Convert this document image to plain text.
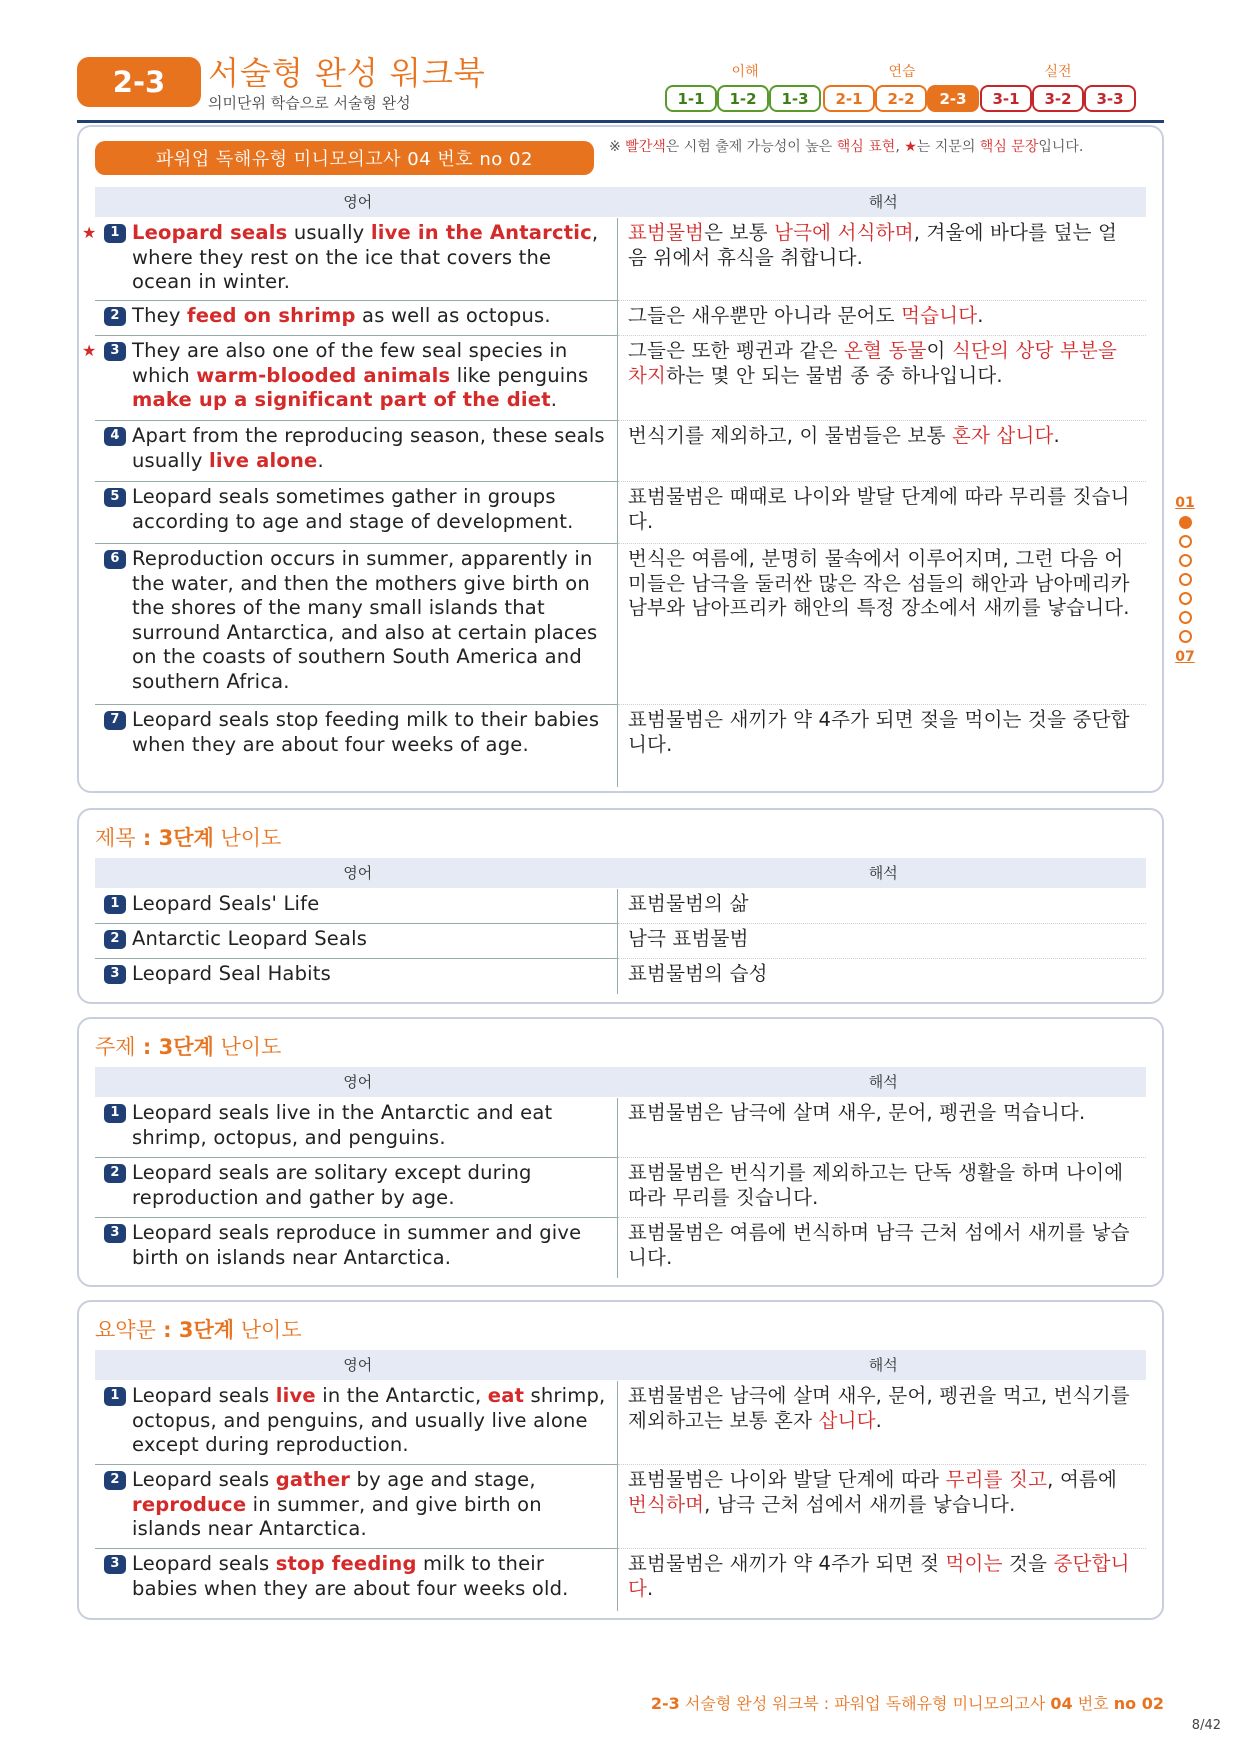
2-3	서술형 완성 워크북
의미단위 학습으로 서술형 완성
이해
1-1	1-2	1-3
연습
2-1	2-2	2-3
실전
3-1	3-2	3-3
파워업 독해유형 미니모의고사 04 번호 no 02
※ 빨간색은 시험 출제 가능성이 높은 핵심 표현, ★는 지문의 핵심 문장입니다.
영어	해석
★	1 Leopard seals usually live in the Antarctic, where they rest on the ice that covers the ocean in winter.
표범물범은 보통 남극에 서식하며, 겨울에 바다를 덮는 얼음 위에서 휴식을 취합니다.
2 They feed on shrimp as well as octopus.	그들은 새우뿐만 아니라 문어도 먹습니다.
★	3 They are also one of the few seal species in which warm-blooded animals like penguins make up a significant part of the diet.
그들은 또한 펭귄과 같은 온혈 동물이 식단의 상당 부분을 차지하는 몇 안 되는 물범 종 중 하나입니다.
4 Apart from the reproducing season, these seals usually live alone.
번식기를 제외하고, 이 물범들은 보통 혼자 삽니다.
5 Leopard seals sometimes gather in groups according to age and stage of development.
표범물범은 때때로 나이와 발달 단계에 따라 무리를 짓습니다.
6 Reproduction occurs in summer, apparently in the water, and then the mothers give birth on the shores of the many small islands that surround Antarctica, and also at certain places on the coasts of southern South America and southern Africa.
번식은 여름에, 분명히 물속에서 이루어지며, 그런 다음 어미들은 남극을 둘러싼 많은 작은 섬들의 해안과 남아메리카 남부와 남아프리카 해안의 특정 장소에서 새끼를 낳습니다.
7 Leopard seals stop feeding milk to their babies when they are about four weeks of age.
표범물범은 새끼가 약 4주가 되면 젖을 먹이는 것을 중단합니다.
제목 : 3단계 난이도
영어	해석
1 Leopard Seals' Life	표범물범의 삶
2 Antarctic Leopard Seals	남극 표범물범
3 Leopard Seal Habits	표범물범의 습성
주제 : 3단계 난이도
영어	해석
1 Leopard seals live in the Antarctic and eat shrimp, octopus, and penguins.
표범물범은 남극에 살며 새우, 문어, 펭귄을 먹습니다.
2 Leopard seals are solitary except during reproduction and gather by age.
표범물범은 번식기를 제외하고는 단독 생활을 하며 나이에 따라 무리를 짓습니다.
3 Leopard seals reproduce in summer and give birth on islands near Antarctica.
표범물범은 여름에 번식하며 남극 근처 섬에서 새끼를 낳습니다.
요약문 : 3단계 난이도
영어	해석
1 Leopard seals live in the Antarctic, eat shrimp, octopus, and penguins, and usually live alone except during reproduction.
표범물범은 남극에 살며 새우, 문어, 펭귄을 먹고, 번식기를 제외하고는 보통 혼자 삽니다.
2 Leopard seals gather by age and stage, reproduce in summer, and give birth on islands near Antarctica.
표범물범은 나이와 발달 단계에 따라 무리를 짓고, 여름에 번식하며, 남극 근처 섬에서 새끼를 낳습니다.
3 Leopard seals stop feeding milk to their babies when they are about four weeks old.
표범물범은 새끼가 약 4주가 되면 젖 먹이는 것을 중단합니다.
01
07
2-3 서술형 완성 워크북 : 파워업 독해유형 미니모의고사 04 번호 no 02
8/42
